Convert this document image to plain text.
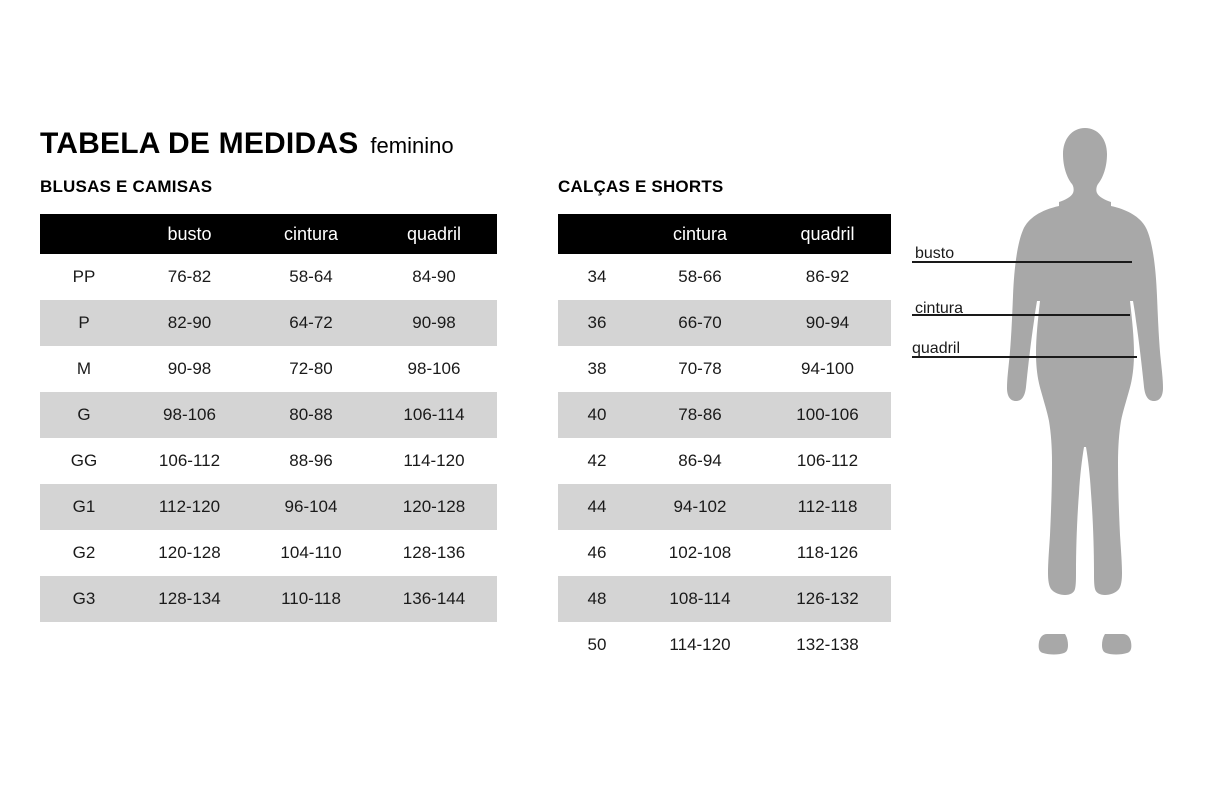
TABELA DE MEDIDAS feminino
BLUSAS E CAMISAS	CALÇAS E SHORTS
	busto	cintura	quadril
PP	76-82	58-64	84-90
P	82-90	64-72	90-98
M	90-98	72-80	98-106
G	98-106	80-88	106-114
GG	106-112	88-96	114-120
G1	112-120	96-104	120-128
G2	120-128	104-110	128-136
G3	128-134	110-118	136-144
	cintura	quadril
34	58-66	86-92
36	66-70	90-94
38	70-78	94-100
40	78-86	100-106
42	86-94	106-112
44	94-102	112-118
46	102-108	118-126
48	108-114	126-132
50	114-120	132-138
busto
cintura
quadril
